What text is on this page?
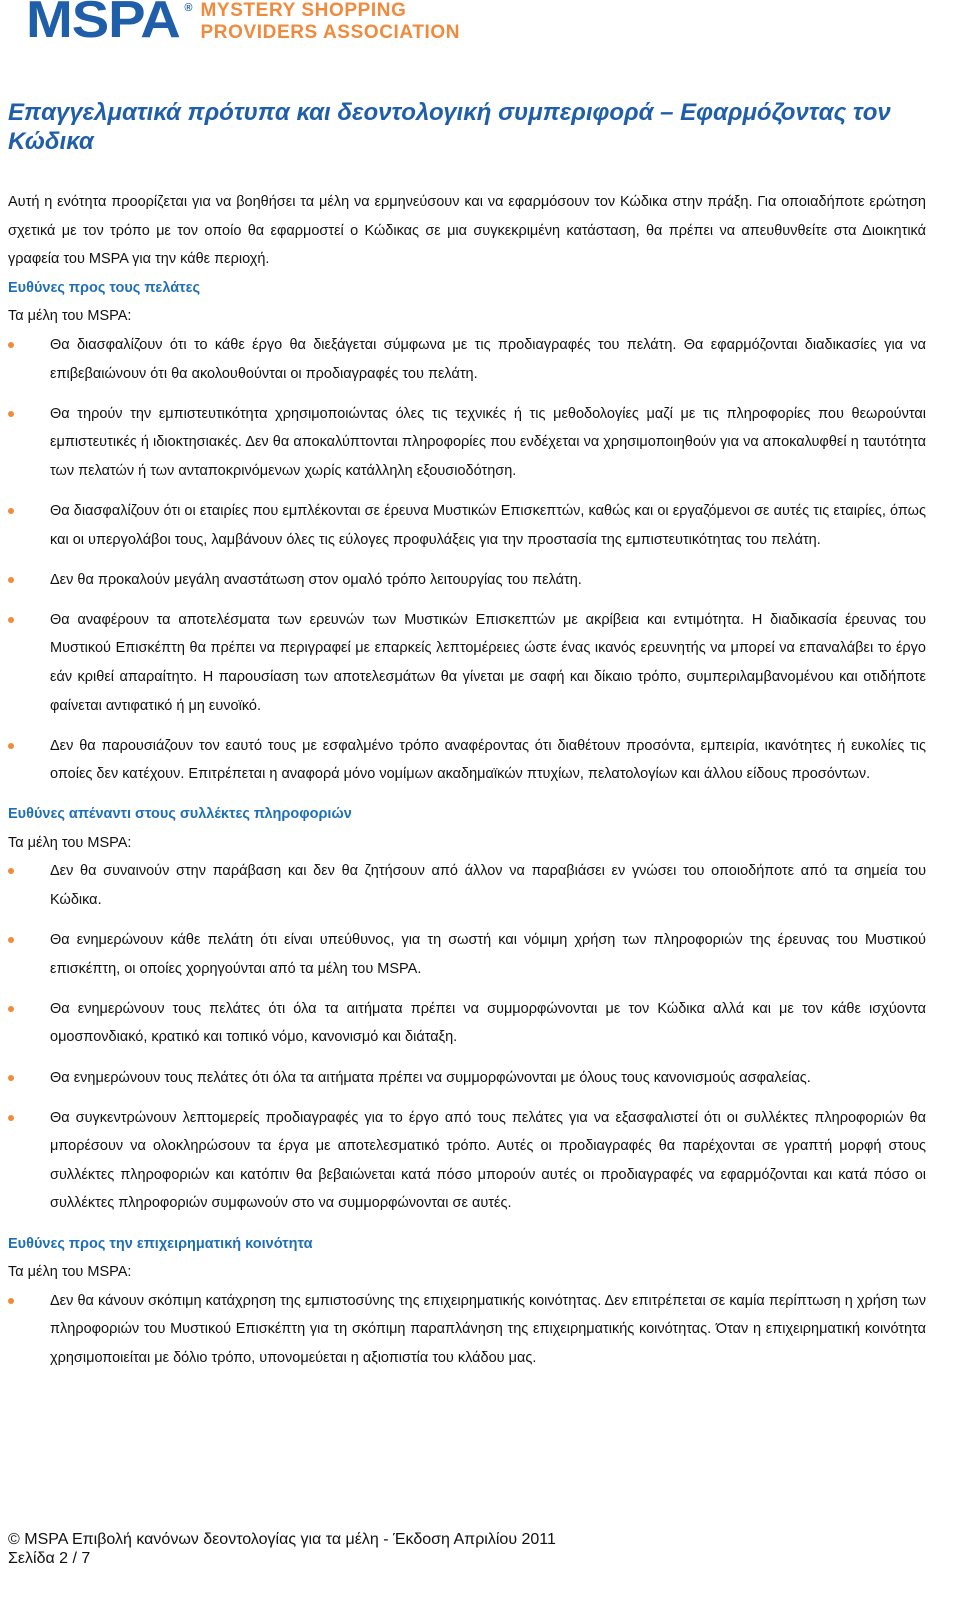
MSPA ® MYSTERY SHOPPING
PROVIDERS ASSOCIATION
Επαγγελματικά πρότυπα και δεοντολογική συμπεριφορά – Εφαρμόζοντας τον Κώδικα

Αυτή η ενότητα προορίζεται για να βοηθήσει τα μέλη να ερμηνεύσουν και να εφαρμόσουν τον Κώδικα στην πράξη. Για οποιαδήποτε ερώτηση σχετικά με τον τρόπο με τον οποίο θα εφαρμοστεί ο Κώδικας σε μια συγκεκριμένη κατάσταση, θα πρέπει να απευθυνθείτε στα Διοικητικά γραφεία του MSPA για την κάθε περιοχή.

Ευθύνες προς τους πελάτες

Τα μέλη του MSPA:

Θα διασφαλίζουν ότι το κάθε έργο θα διεξάγεται σύμφωνα με τις προδιαγραφές του πελάτη. Θα εφαρμόζονται διαδικασίες για να επιβεβαιώνουν ότι θα ακολουθούνται οι προδιαγραφές του πελάτη.

Θα τηρούν την εμπιστευτικότητα χρησιμοποιώντας όλες τις τεχνικές ή τις μεθοδολογίες μαζί με τις πληροφορίες που θεωρούνται εμπιστευτικές ή ιδιοκτησιακές. Δεν θα αποκαλύπτονται πληροφορίες που ενδέχεται να χρησιμοποιηθούν για να αποκαλυφθεί η ταυτότητα των πελατών ή των ανταποκρινόμενων χωρίς κατάλληλη εξουσιοδότηση.

Θα διασφαλίζουν ότι οι εταιρίες που εμπλέκονται σε έρευνα Μυστικών Επισκεπτών, καθώς και οι εργαζόμενοι σε αυτές τις εταιρίες, όπως και οι υπεργολάβοι τους, λαμβάνουν όλες τις εύλογες προφυλάξεις για την προστασία της εμπιστευτικότητας του πελάτη.

Δεν θα προκαλούν μεγάλη αναστάτωση στον ομαλό τρόπο λειτουργίας του πελάτη.

Θα αναφέρουν τα αποτελέσματα των ερευνών των Μυστικών Επισκεπτών με ακρίβεια και εντιμότητα. Η διαδικασία έρευνας του Μυστικού Επισκέπτη θα πρέπει να περιγραφεί με επαρκείς λεπτομέρειες ώστε ένας ικανός ερευνητής να μπορεί να επαναλάβει το έργο εάν κριθεί απαραίτητο. Η παρουσίαση των αποτελεσμάτων θα γίνεται με σαφή και δίκαιο τρόπο, συμπεριλαμβανομένου και οτιδήποτε φαίνεται αντιφατικό ή μη ευνοϊκό.

Δεν θα παρουσιάζουν τον εαυτό τους με εσφαλμένο τρόπο αναφέροντας ότι διαθέτουν προσόντα, εμπειρία, ικανότητες ή ευκολίες τις οποίες δεν κατέχουν. Επιτρέπεται η αναφορά μόνο νομίμων ακαδημαϊκών πτυχίων, πελατολογίων και άλλου είδους προσόντων.

Ευθύνες απέναντι στους συλλέκτες πληροφοριών

Τα μέλη του MSPA:

Δεν θα συναινούν στην παράβαση και δεν θα ζητήσουν από άλλον να παραβιάσει εν γνώσει του οποιοδήποτε από τα σημεία του Κώδικα.

Θα ενημερώνουν κάθε πελάτη ότι είναι υπεύθυνος, για τη σωστή και νόμιμη χρήση των πληροφοριών της έρευνας του Μυστικού επισκέπτη, οι οποίες χορηγούνται από τα μέλη του MSPA.

Θα ενημερώνουν τους πελάτες ότι όλα τα αιτήματα πρέπει να συμμορφώνονται με τον Κώδικα αλλά και με τον κάθε ισχύοντα ομοσπονδιακό, κρατικό και τοπικό νόμο, κανονισμό και διάταξη.

Θα ενημερώνουν τους πελάτες ότι όλα τα αιτήματα πρέπει να συμμορφώνονται με όλους τους κανονισμούς ασφαλείας.

Θα συγκεντρώνουν λεπτομερείς προδιαγραφές για το έργο από τους πελάτες για να εξασφαλιστεί ότι οι συλλέκτες πληροφοριών θα μπορέσουν να ολοκληρώσουν τα έργα με αποτελεσματικό τρόπο. Αυτές οι προδιαγραφές θα παρέχονται σε γραπτή μορφή στους συλλέκτες πληροφοριών και κατόπιν θα βεβαιώνεται κατά πόσο μπορούν αυτές οι προδιαγραφές να εφαρμόζονται και κατά πόσο οι συλλέκτες πληροφοριών συμφωνούν στο να συμμορφώνονται σε αυτές.

Ευθύνες προς την επιχειρηματική κοινότητα

Τα μέλη του MSPA:

Δεν θα κάνουν σκόπιμη κατάχρηση της εμπιστοσύνης της επιχειρηματικής κοινότητας. Δεν επιτρέπεται σε καμία περίπτωση η χρήση των πληροφοριών του Μυστικού Επισκέπτη για τη σκόπιμη παραπλάνηση της επιχειρηματικής κοινότητας. Όταν η επιχειρηματική κοινότητα χρησιμοποιείται με δόλιο τρόπο, υπονομεύεται η αξιοπιστία του κλάδου μας.

© MSPA Επιβολή κανόνων δεοντολογίας για τα μέλη - Έκδοση Απριλίου 2011
Σελίδα 2 / 7
